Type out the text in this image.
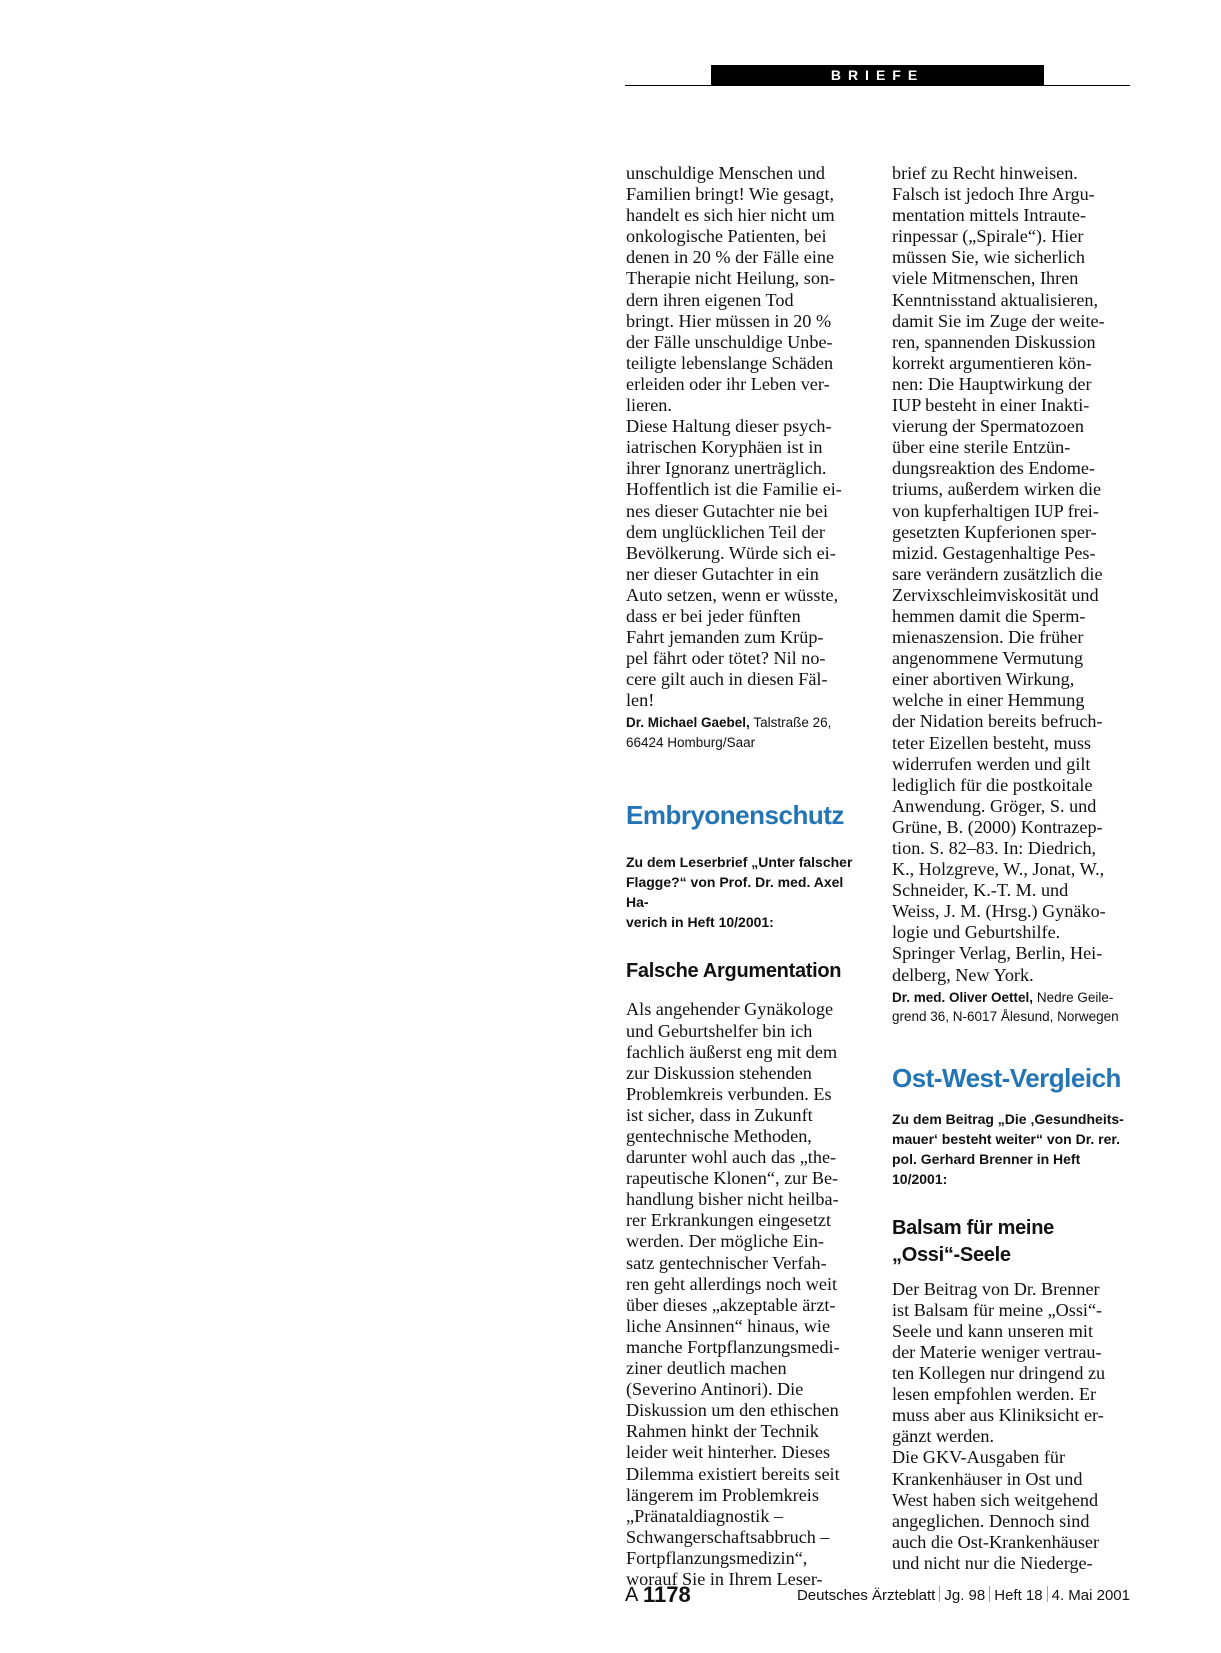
BRIEFE

unschuldige Menschen und
Familien bringt! Wie gesagt,
handelt es sich hier nicht um
onkologische Patienten, bei
denen in 20 % der Fälle eine
Therapie nicht Heilung, son-
dern ihren eigenen Tod
bringt. Hier müssen in 20 %
der Fälle unschuldige Unbe-
teiligte lebenslange Schäden
erleiden oder ihr Leben ver-
lieren.
Diese Haltung dieser psych-
iatrischen Koryphäen ist in
ihrer Ignoranz unerträglich.
Hoffentlich ist die Familie ei-
nes dieser Gutachter nie bei
dem unglücklichen Teil der
Bevölkerung. Würde sich ei-
ner dieser Gutachter in ein
Auto setzen, wenn er wüsste,
dass er bei jeder fünften
Fahrt jemanden zum Krüp-
pel fährt oder tötet? Nil no-
cere gilt auch in diesen Fäl-
len!

Dr. Michael Gaebel, Talstraße 26,
66424 Homburg/Saar

Embryonenschutz

Zu dem Leserbrief „Unter falscher
Flagge?“ von Prof. Dr. med. Axel Ha-
verich in Heft 10/2001:

Falsche Argumentation

Als angehender Gynäkologe
und Geburtshelfer bin ich
fachlich äußerst eng mit dem
zur Diskussion stehenden
Problemkreis verbunden. Es
ist sicher, dass in Zukunft
gentechnische Methoden,
darunter wohl auch das „the-
rapeutische Klonen“, zur Be-
handlung bisher nicht heilba-
rer Erkrankungen eingesetzt
werden. Der mögliche Ein-
satz gentechnischer Verfah-
ren geht allerdings noch weit
über dieses „akzeptable ärzt-
liche Ansinnen“ hinaus, wie
manche Fortpflanzungsmedi-
ziner deutlich machen
(Severino Antinori). Die
Diskussion um den ethischen
Rahmen hinkt der Technik
leider weit hinterher. Dieses
Dilemma existiert bereits seit
längerem im Problemkreis
„Pränataldiagnostik –
Schwangerschaftsabbruch –
Fortpflanzungsmedizin“,
worauf Sie in Ihrem Leser-

brief zu Recht hinweisen.
Falsch ist jedoch Ihre Argu-
mentation mittels Intraute-
rinpessar („Spirale“). Hier
müssen Sie, wie sicherlich
viele Mitmenschen, Ihren
Kenntnisstand aktualisieren,
damit Sie im Zuge der weite-
ren, spannenden Diskussion
korrekt argumentieren kön-
nen: Die Hauptwirkung der
IUP besteht in einer Inakti-
vierung der Spermatozoen
über eine sterile Entzün-
dungsreaktion des Endome-
triums, außerdem wirken die
von kupferhaltigen IUP frei-
gesetzten Kupferionen sper-
mizid. Gestagenhaltige Pes-
sare verändern zusätzlich die
Zervixschleimviskosität und
hemmen damit die Sperm-
mienaszension. Die früher
angenommene Vermutung
einer abortiven Wirkung,
welche in einer Hemmung
der Nidation bereits befruch-
teter Eizellen besteht, muss
widerrufen werden und gilt
lediglich für die postkoitale
Anwendung. Gröger, S. und
Grüne, B. (2000) Kontrazep-
tion. S. 82–83. In: Diedrich,
K., Holzgreve, W., Jonat, W.,
Schneider, K.-T. M. und
Weiss, J. M. (Hrsg.) Gynäko-
logie und Geburtshilfe.
Springer Verlag, Berlin, Hei-
delberg, New York.

Dr. med. Oliver Oettel, Nedre Geile-
grend 36, N-6017 Ålesund, Norwegen

Ost-West-Vergleich

Zu dem Beitrag „Die ‚Gesundheits-
mauer‘ besteht weiter“ von Dr. rer.
pol. Gerhard Brenner in Heft 10/2001:

Balsam für meine
„Ossi“-Seele

Der Beitrag von Dr. Brenner
ist Balsam für meine „Ossi“-
Seele und kann unseren mit
der Materie weniger vertrau-
ten Kollegen nur dringend zu
lesen empfohlen werden. Er
muss aber aus Kliniksicht er-
gänzt werden.
Die GKV-Ausgaben für
Krankenhäuser in Ost und
West haben sich weitgehend
angeglichen. Dennoch sind
auch die Ost-Krankenhäuser
und nicht nur die Niederge-

A 1178	Deutsches Ärzteblatt Jg. 98 Heft 18 4. Mai 2001
